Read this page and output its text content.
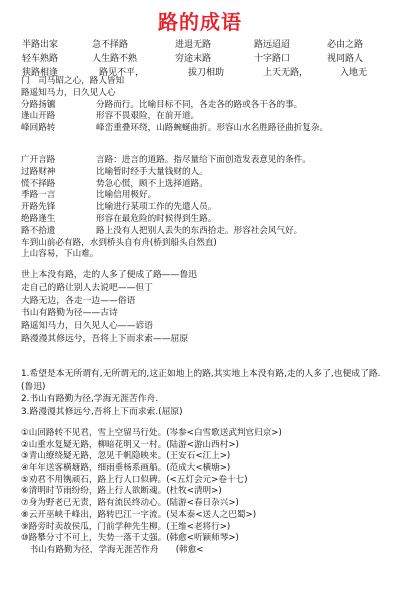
路的成语
半路出家	急不择路	进退无路	路远迢迢	必由之路
轻车熟路	人生路不熟	穷途末路	十字路口	视同路人
狭路相逢	路见不平，	拔刀相助	上天无路，	入地无
门　司马昭之心，路人皆知
路遥知马力，日久见人心
分路扬镳	分路而行。比喻目标不同，各走各的路或各干各的事。
逢山开路	形容不畏艰险，在前开道。
峰回路转	峰峦重叠环绕，山路蜿蜒曲折。形容山水名胜路径曲折复杂。
广开言路	言路：进言的道路。指尽量给下面创造发表意见的条件。
过路财神	比喻暂时经手大量钱财的人。
慌不择路	势急心慌，顾不上选择道路。
季路一言	比喻信用极好。
开路先锋	比喻进行某项工作的先遣人员。
绝路逢生	形容在最危险的时候得到生路。
路不拾遗	路上没有人把别人丢失的东西拾走。形容社会风气好。
车到山前必有路，水到桥头自有舟(桥到船头自然直)
上山容易，下山难。
世上本没有路，走的人多了便成了路——鲁迅
走自己的路让别人去说吧——但丁
大路无边，各走一边——俗语
书山有路勤为径——古诗
路遥知马力，日久见人心——谚语
路漫漫其修远兮，吾将上下而求索——屈原
1.希望是本无所谓有,无所谓无的,这正如地上的路,其实地上本没有路,走的人多了,也便成了路.(鲁迅)
2.书山有路勤为径,学海无涯苦作舟.
3.路漫漫其修远兮,吾将上下而求索.(屈原)
①山回路转不见君，雪上空留马行处。(岑参<白雪歌送武判官归京>)
②山重水复疑无路，柳暗花明又一村。(陆游<游山西村>)
③青山缭绕疑无路，忽见千帆隐映来。(王安石<江上>)
④年年送客横塘路，细雨垂杨系画船。(范成大<横塘>)
⑤劝君不用镌顽石，路上行人口似碑。(<五灯会元>卷十七)
⑥清明时节雨纷纷，路上行人欲断魂。(杜牧<清明>)
⑦身为野老已无责，路有流民终动心。(陆游<春日杂兴>)
⑧云开巫峡千峰出，路转巴江一字流。(吴本泰<送人之巴蜀>)
⑨路旁时卖故侯瓜，门前学种先生柳。(王维<老将行>)
⑩路攀分寸不可上，失势一落千丈强。(韩愈<听颖师琴>)
　书山有路勤为径，学海无涯苦作舟　　(韩愈<
